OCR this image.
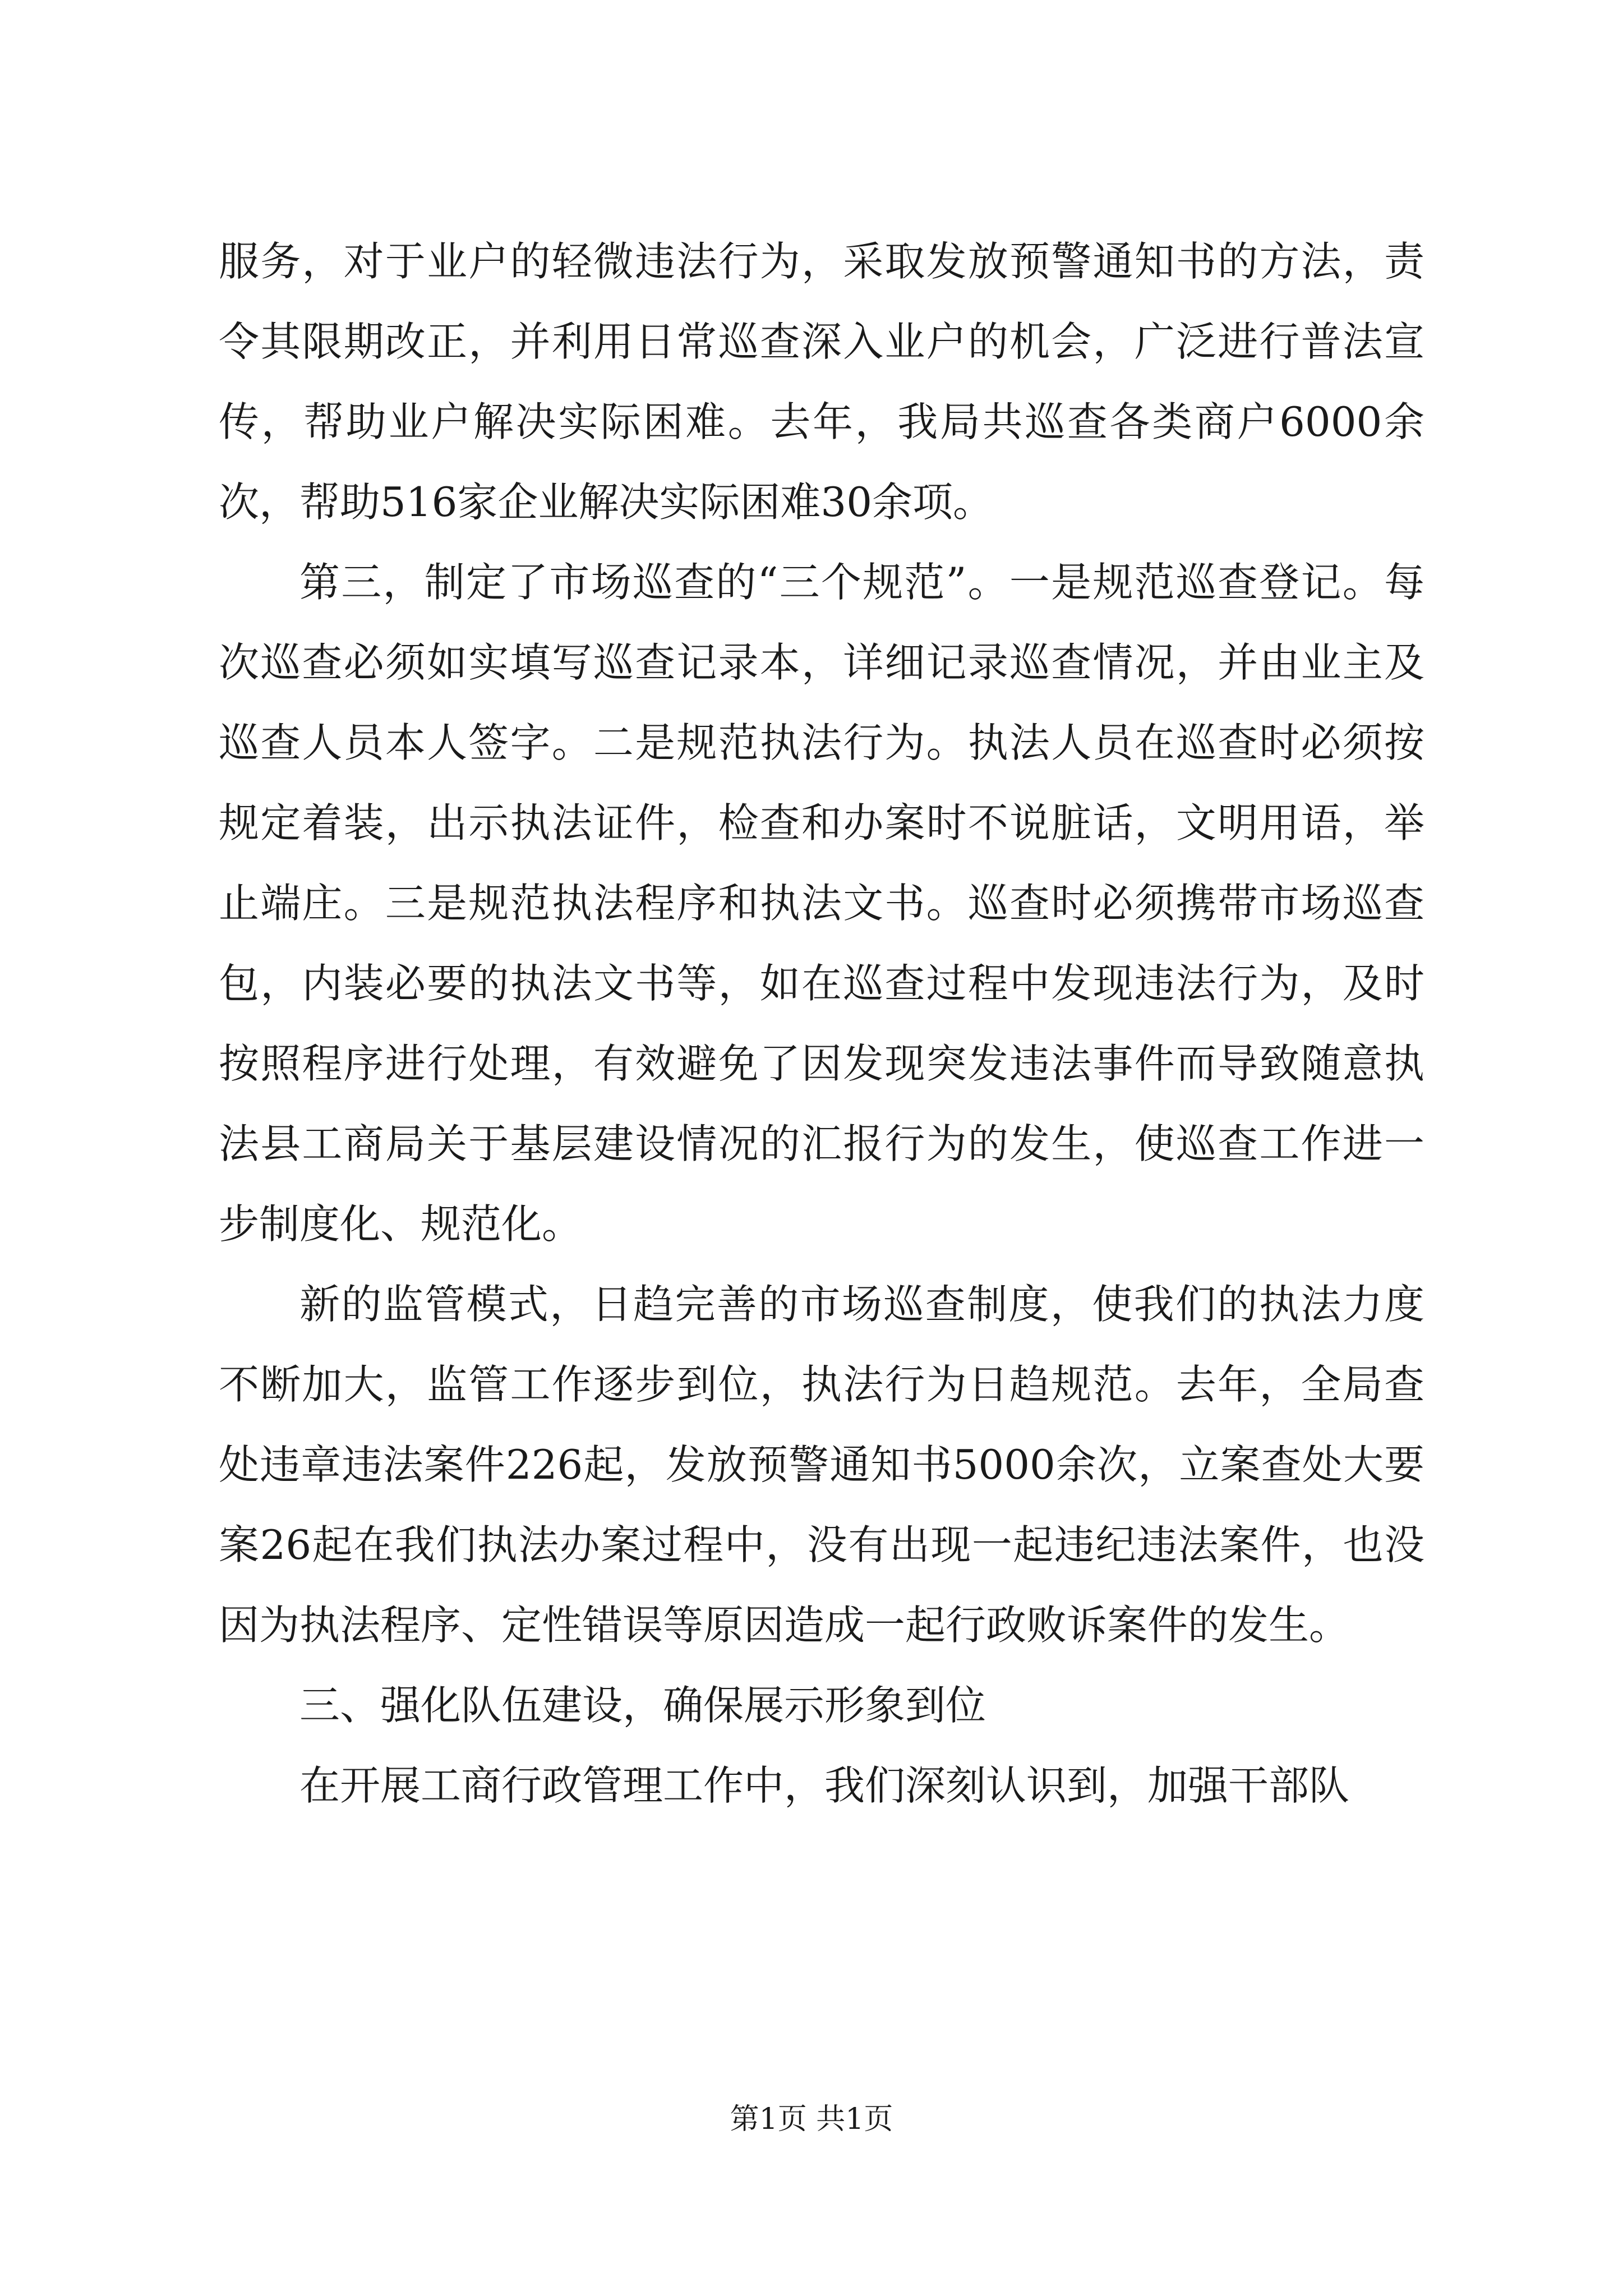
服务，对于业户的轻微违法行为，采取发放预警通知书的方法，责令其限期改正，并利用日常巡查深入业户的机会，广泛进行普法宣传，帮助业户解决实际困难。去年，我局共巡查各类商户6000余次，帮助516家企业解决实际困难30余项。

第三，制定了市场巡查的“三个规范”。一是规范巡查登记。每次巡查必须如实填写巡查记录本，详细记录巡查情况，并由业主及巡查人员本人签字。二是规范执法行为。执法人员在巡查时必须按规定着装，出示执法证件，检查和办案时不说脏话，文明用语，举止端庄。三是规范执法程序和执法文书。巡查时必须携带市场巡查包，内装必要的执法文书等，如在巡查过程中发现违法行为，及时按照程序进行处理，有效避免了因发现突发违法事件而导致随意执法县工商局关于基层建设情况的汇报行为的发生，使巡查工作进一步制度化、规范化。

新的监管模式，日趋完善的市场巡查制度，使我们的执法力度不断加大，监管工作逐步到位，执法行为日趋规范。去年，全局查处违章违法案件226起，发放预警通知书5000余次，立案查处大要案26起在我们执法办案过程中，没有出现一起违纪违法案件，也没因为执法程序、定性错误等原因造成一起行政败诉案件的发生。

三、强化队伍建设，确保展示形象到位

在开展工商行政管理工作中，我们深刻认识到，加强干部队

第1页 共1页
